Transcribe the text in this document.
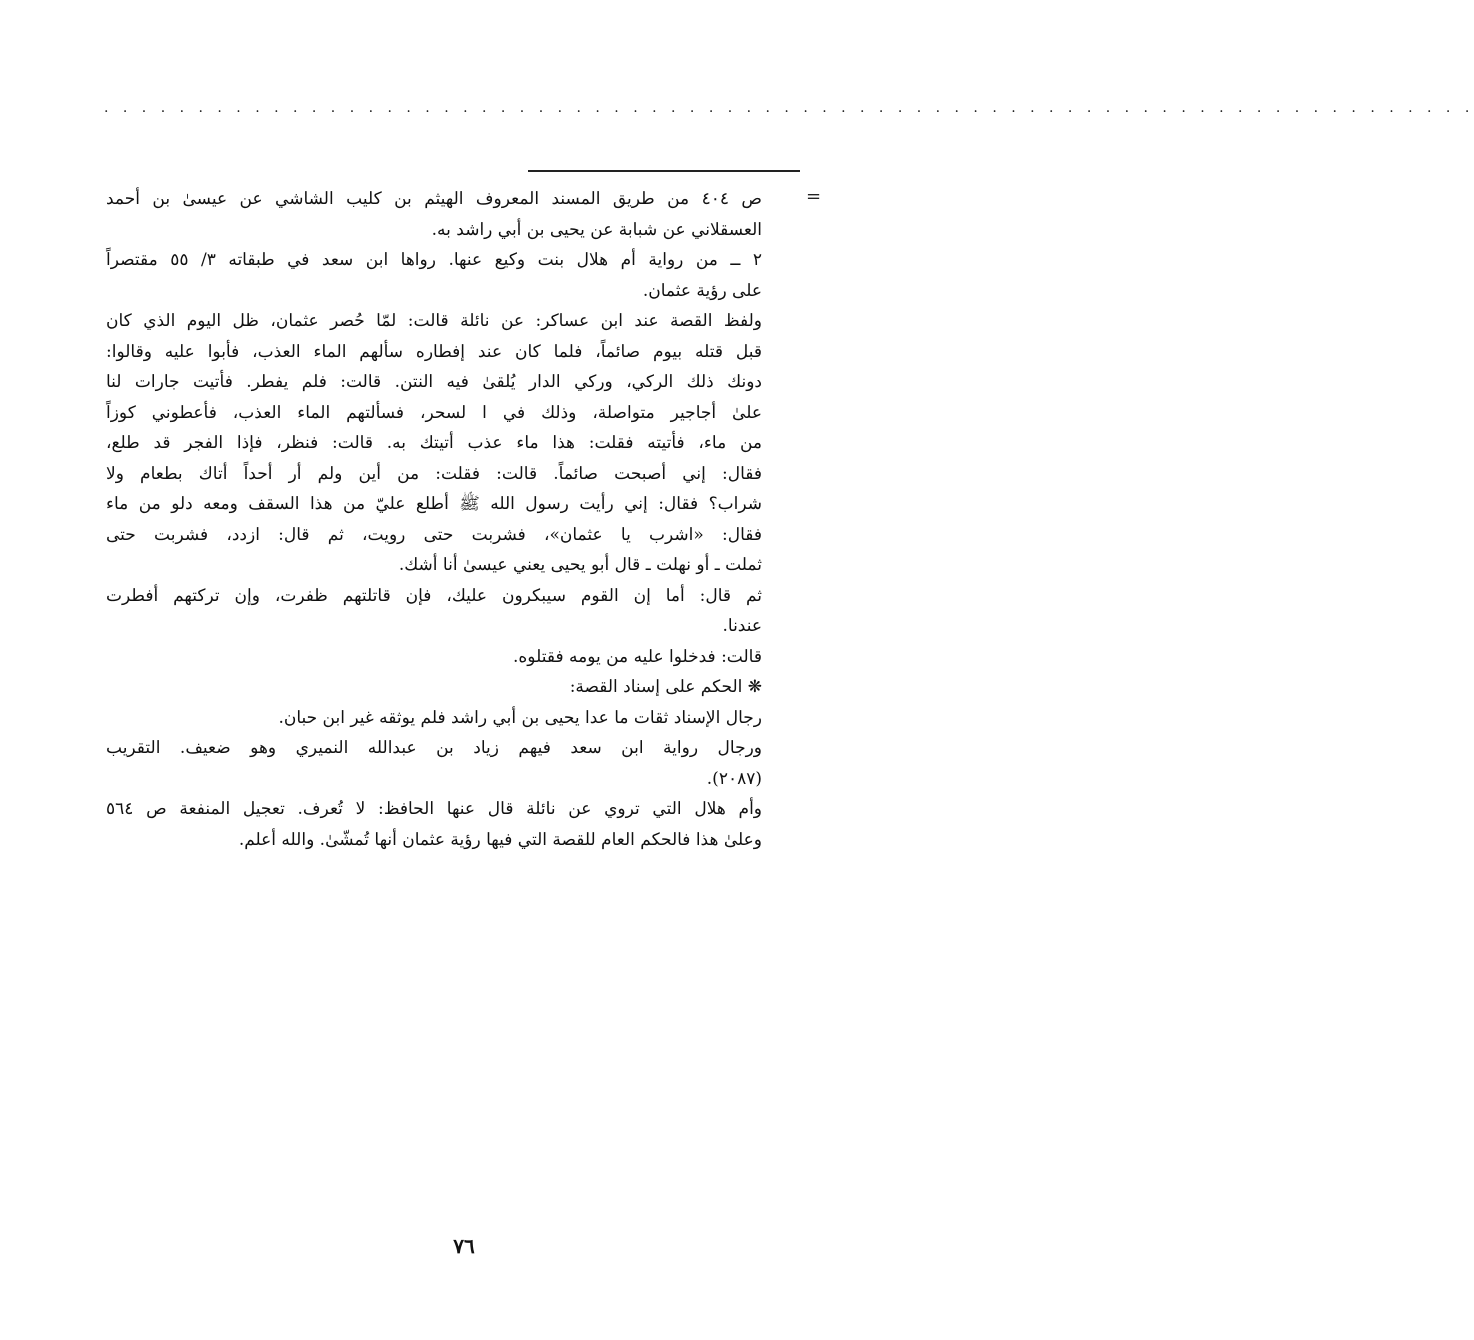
. . . . . . . . . . . . . . . . . . . . . . . . . . . . . . . . . . . . . . . . . . . . . . . . . . . . . . . . . . . . . . . . . . . . . . . . .
=
ص ٤٠٤ من طريق المسند المعروف الهيثم بن كليب الشاشي عن عيسىٰ بن أحمد
العسقلاني عن شبابة عن يحيى بن أبي راشد به.
٢ ــ من رواية أم هلال بنت وكيع عنها. رواها ابن سعد في طبقاته ٣/ ٥٥ مقتصراً
على رؤية عثمان.
ولفظ القصة عند ابن عساكر: عن نائلة قالت: لمّا حُصر عثمان، ظل اليوم الذي كان
قبل قتله بيوم صائماً، فلما كان عند إفطاره سألهم الماء العذب، فأبوا عليه وقالوا:
دونك ذلك الركي، وركي الدار يُلقىٰ فيه النتن. قالت: فلم يفطر. فأتيت جارات لنا
علىٰ أجاجير متواصلة، وذلك في ا لسحر، فسألتهم الماء العذب، فأعطوني كوزاً
من ماء، فأتيته فقلت: هذا ماء عذب أتيتك به. قالت: فنظر، فإذا الفجر قد طلع،
فقال: إني أصبحت صائماً. قالت: فقلت: من أين ولم أر أحداً أتاك بطعام ولا
شراب؟ فقال: إني رأيت رسول الله ﷺ أطلع عليّ من هذا السقف ومعه دلو من ماء
فقال: «اشرب يا عثمان»، فشربت حتى رويت، ثم قال: ازدد، فشربت حتى
ثملت ـ أو نهلت ـ قال أبو يحيى يعني عيسىٰ أنا أشك.
ثم قال: أما إن القوم سيبكرون عليك، فإن قاتلتهم ظفرت، وإن تركتهم أفطرت
عندنا.
قالت: فدخلوا عليه من يومه فقتلوه.
❋ الحكم على إسناد القصة:
رجال الإسناد ثقات ما عدا يحيى بن أبي راشد فلم يوثقه غير ابن حبان.
ورجال رواية ابن سعد فيهم زياد بن عبدالله النميري وهو ضعيف. التقريب
(٢٠٨٧).
وأم هلال التي تروي عن نائلة قال عنها الحافظ: لا تُعرف. تعجيل المنفعة ص ٥٦٤
وعلىٰ هذا فالحكم العام للقصة التي فيها رؤية عثمان أنها تُمشّىٰ. والله أعلم.
٧٦
